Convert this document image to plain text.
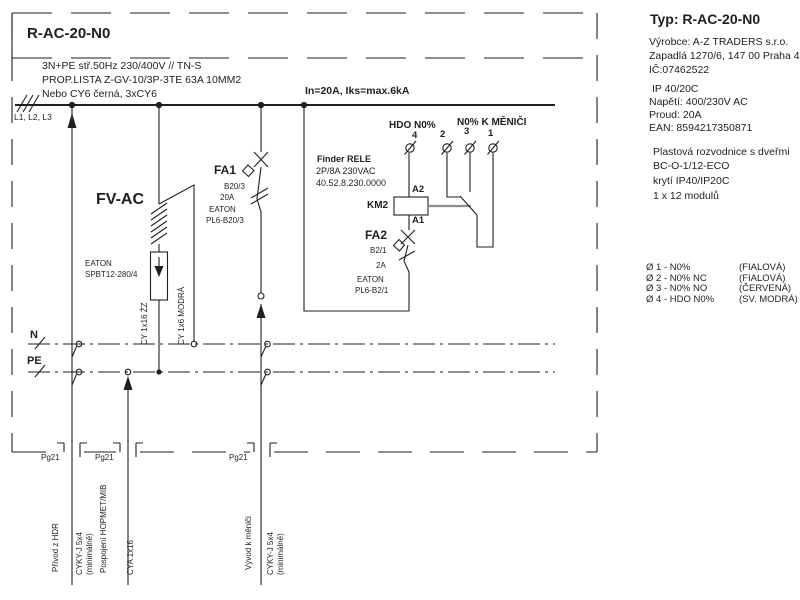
R-AC-20-N0
3N+PE stř.50Hz 230/400V // TN-S
PROP.LISTA Z-GV-10/3P-3TE 63A 10MM2
Nebo CY6 černá, 3xCY6
L1, L2, L3
In=20A, Iks=max.6kA
FV-AC
EATON
SPBT12-280/4
FA1
B20/3
20A
EATON
PL6-B20/3
Finder RELE
2P/8A 230VAC
40.52.8.230.0000
KM2
A2
A1
HDO N0% N0% K MĚNIČI
4 2 3 1
FA2
B2/1
2A
EATON
PL6-B2/1
N
PE
CY 1x16 ŽZ	CY 1x6 MODRÁ
Pg21	Pg21	Pg21
Přívod z HDR CYKY-J 5x4 (minimálně) Pospojení HOPMET/MIB CYA 1x16	Vývod k měniči CYKY-J 5x4 (minimálně)
Typ: R-AC-20-N0
Výrobce: A-Z TRADERS s.r.o.
Zapadlá 1270/6, 147 00 Praha 4
IČ:07462522
IP 40/20C
Napětí: 400/230V AC
Proud: 20A
EAN: 8594217350871
Plastová rozvodnice s dveřmi
BC-O-1/12-ECO
krytí IP40/IP20C
1 x 12 modulů
Ø 1 - N0%	(FIALOVÁ)
Ø 2 - N0% NC	(FIALOVÁ)
Ø 3 - N0% NO	(ČERVENÁ)
Ø 4 - HDO N0%	(SV. MODRÁ)
